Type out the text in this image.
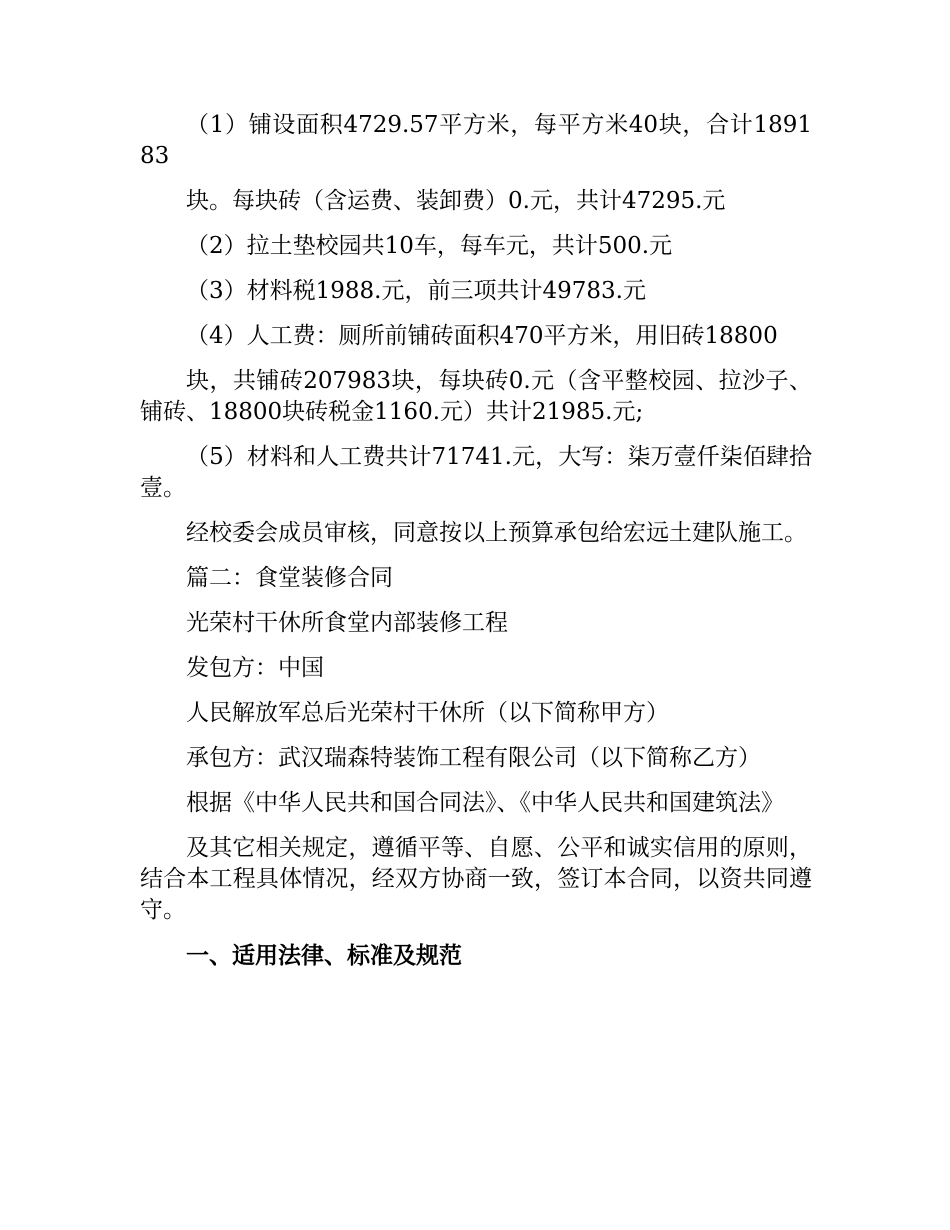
（1）铺设面积4729.57平方米，每平方米40块，合计189183

块。每块砖（含运费、装卸费）0.元，共计47295.元

（2）拉土垫校园共10车，每车元，共计500.元

（3）材料税1988.元，前三项共计49783.元

（4）人工费：厕所前铺砖面积470平方米，用旧砖18800

块，共铺砖207983块，每块砖0.元（含平整校园、拉沙子、铺砖、18800块砖税金1160.元）共计21985.元;

（5）材料和人工费共计71741.元，大写：柒万壹仟柒佰肆拾壹。

经校委会成员审核，同意按以上预算承包给宏远土建队施工。

篇二：食堂装修合同

光荣村干休所食堂内部装修工程

发包方：中国

人民解放军总后光荣村干休所（以下简称甲方）

承包方：武汉瑞森特装饰工程有限公司（以下简称乙方）

根据《中华人民共和国合同法》、《中华人民共和国建筑法》

及其它相关规定，遵循平等、自愿、公平和诚实信用的原则，结合本工程具体情况，经双方协商一致，签订本合同，以资共同遵守。

一、适用法律、标准及规范
